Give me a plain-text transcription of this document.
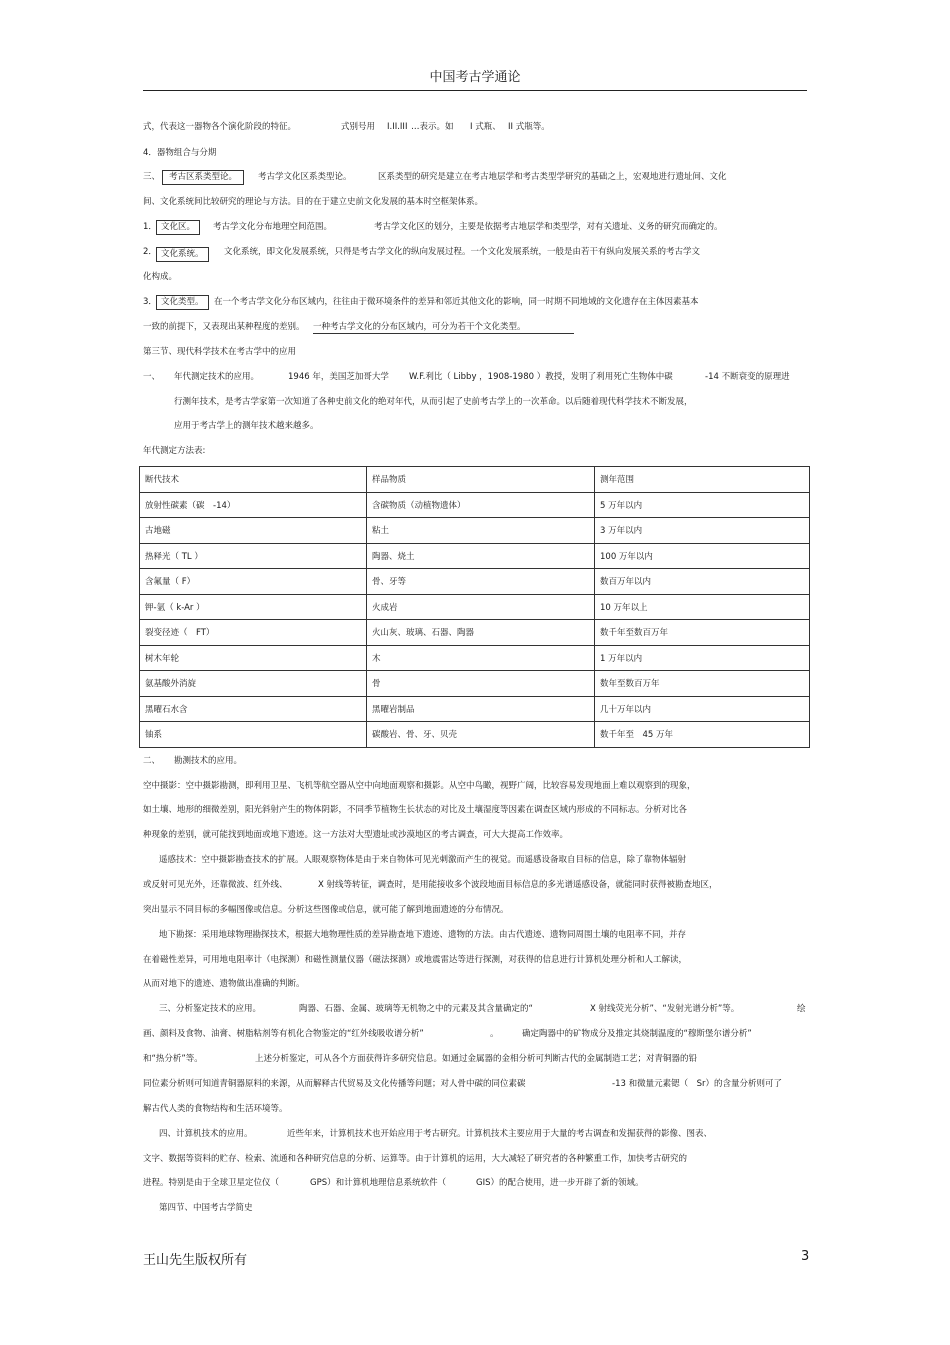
中国考古学通论
式，代表这一器物各个演化阶段的特征。	式别号用 I.II.III …表示。如 I 式瓶、 II 式瓶等。
4．器物组合与分期
三、	考古区系类型论。	考古学文化区系类型论。	区系类型的研究是建立在考古地层学和考古类型学研究的基础之上，宏观地进行遗址间、文化
间、文化系统间比较研究的理论与方法。目的在于建立史前文化发展的基本时空框架体系。
1． 文化区。	考古学文化分布地理空间范围。	考古学文化区的划分，主要是依据考古地层学和类型学，对有关遗址、义务的研究而确定的。
2． 文化系统。	文化系统，即文化发展系统，只得是考古学文化的纵向发展过程。一个文化发展系统，一般是由若干有纵向发展关系的考古学文
化构成。
3． 文化类型。	在一个考古学文化分布区域内，往往由于微环境条件的差异和邻近其他文化的影响，同一时期不同地域的文化遗存在主体因素基本
一致的前提下，又表现出某种程度的差别。 一种考古学文化的分布区域内，可分为若干个文化类型。
第三节、现代科学技术在考古学中的应用
一、 年代测定技术的应用。	1946 年，美国芝加哥大学 W.F.利比（ Libby ，1908-1980 ）教授，发明了利用死亡生物体中碳	-14 不断衰变的原理进
行测年技术，是考古学家第一次知道了各种史前文化的绝对年代，从而引起了史前考古学上的一次革命。以后随着现代科学技术不断发展，
应用于考古学上的测年技术越来越多。
年代测定方法表:
断代技术	样品物质	测年范围
放射性碳素（碳　-14）	含碳物质（动植物遗体）	5 万年以内
古地磁	粘土	3 万年以内
热释光（ TL ）	陶器、烧土	100 万年以内
含氟量（ F）	骨、牙等	数百万年以内
钾-氩（ k-Ar ）	火成岩	10 万年以上
裂变径迹（　FT）	火山灰、玻璃、石器、陶器	数千年至数百万年
树木年轮	木	1 万年以内
氨基酸外消旋	骨	数年至数百万年
黑曜石水含	黑曜岩制品	几十万年以内
铀系	碳酸岩、骨、牙、贝壳	数千年至　45 万年
二、 勘测技术的应用。
空中摄影：空中摄影勘测，即利用卫星、飞机等航空器从空中向地面观察和摄影。从空中鸟瞰，视野广阔，比较容易发现地面上难以观察到的现象，
如土壤、地形的细微差别，阳光斜射产生的物体阴影，不同季节植物生长状态的对比及土壤湿度等因素在调查区域内形成的不同标志。分析对比各
种现象的差别，就可能找到地面或地下遗迹。这一方法对大型遗址或沙漠地区的考古调查，可大大提高工作效率。
遥感技术：空中摄影勘查技术的扩展。人眼观察物体是由于来自物体可见光刺激而产生的视觉。而遥感设备取自目标的信息，除了靠物体辐射
或反射可见光外，还靠微波、红外线、	X 射线等转征，调查时，是用能接收多个波段地面目标信息的多光谱遥感设备，就能同时获得被勘查地区，
突出显示不同目标的多幅图像或信息。分析这些图像或信息，就可能了解到地面遗迹的分布情况。
地下勘探：采用地球物理勘探技术，根据大地物理性质的差异勘查地下遗迹、遗物的方法。由古代遗迹、遗物同周围土壤的电阻率不同，并存
在着磁性差异，可用地电阻率计（电探测）和磁性测量仪器（磁法探测）或地震雷达等进行探测，对获得的信息进行计算机处理分析和人工解读，
从而对地下的遗迹、遗物做出准确的判断。
三、分析鉴定技术的应用。	陶器、石器、金属、玻璃等无机物之中的元素及其含量确定的“	X 射线荧光分析”、“发射光谱分析”等。	绘
画、颜料及食物、油膏、树脂粘剂等有机化合物鉴定的“红外线吸收谱分析”	。	确定陶器中的矿物成分及推定其烧制温度的“穆斯堡尔谱分析”
和“热分析”等。	上述分析鉴定，可从各个方面获得许多研究信息。如通过金属器的金相分析可判断古代的金属制造工艺；对青铜器的铅
同位素分析则可知道青铜器原料的来源，从而解释古代贸易及文化传播等问题；对人骨中碳的同位素碳	-13 和微量元素锶（　Sr）的含量分析则可了
解古代人类的食物结构和生活环境等。
四、计算机技术的应用。	近些年来，计算机技术也开始应用于考古研究。计算机技术主要应用于大量的考古调查和发掘获得的影像、图表、
文字、数据等资料的贮存、检索、流通和各种研究信息的分析、运算等。由于计算机的运用，大大减轻了研究者的各种繁重工作，加快考古研究的
进程。特别是由于全球卫星定位仪（	GPS）和计算机地理信息系统软件（	GIS）的配合使用，进一步开辟了新的领域。
第四节、中国考古学简史
王山先生版权所有	3
